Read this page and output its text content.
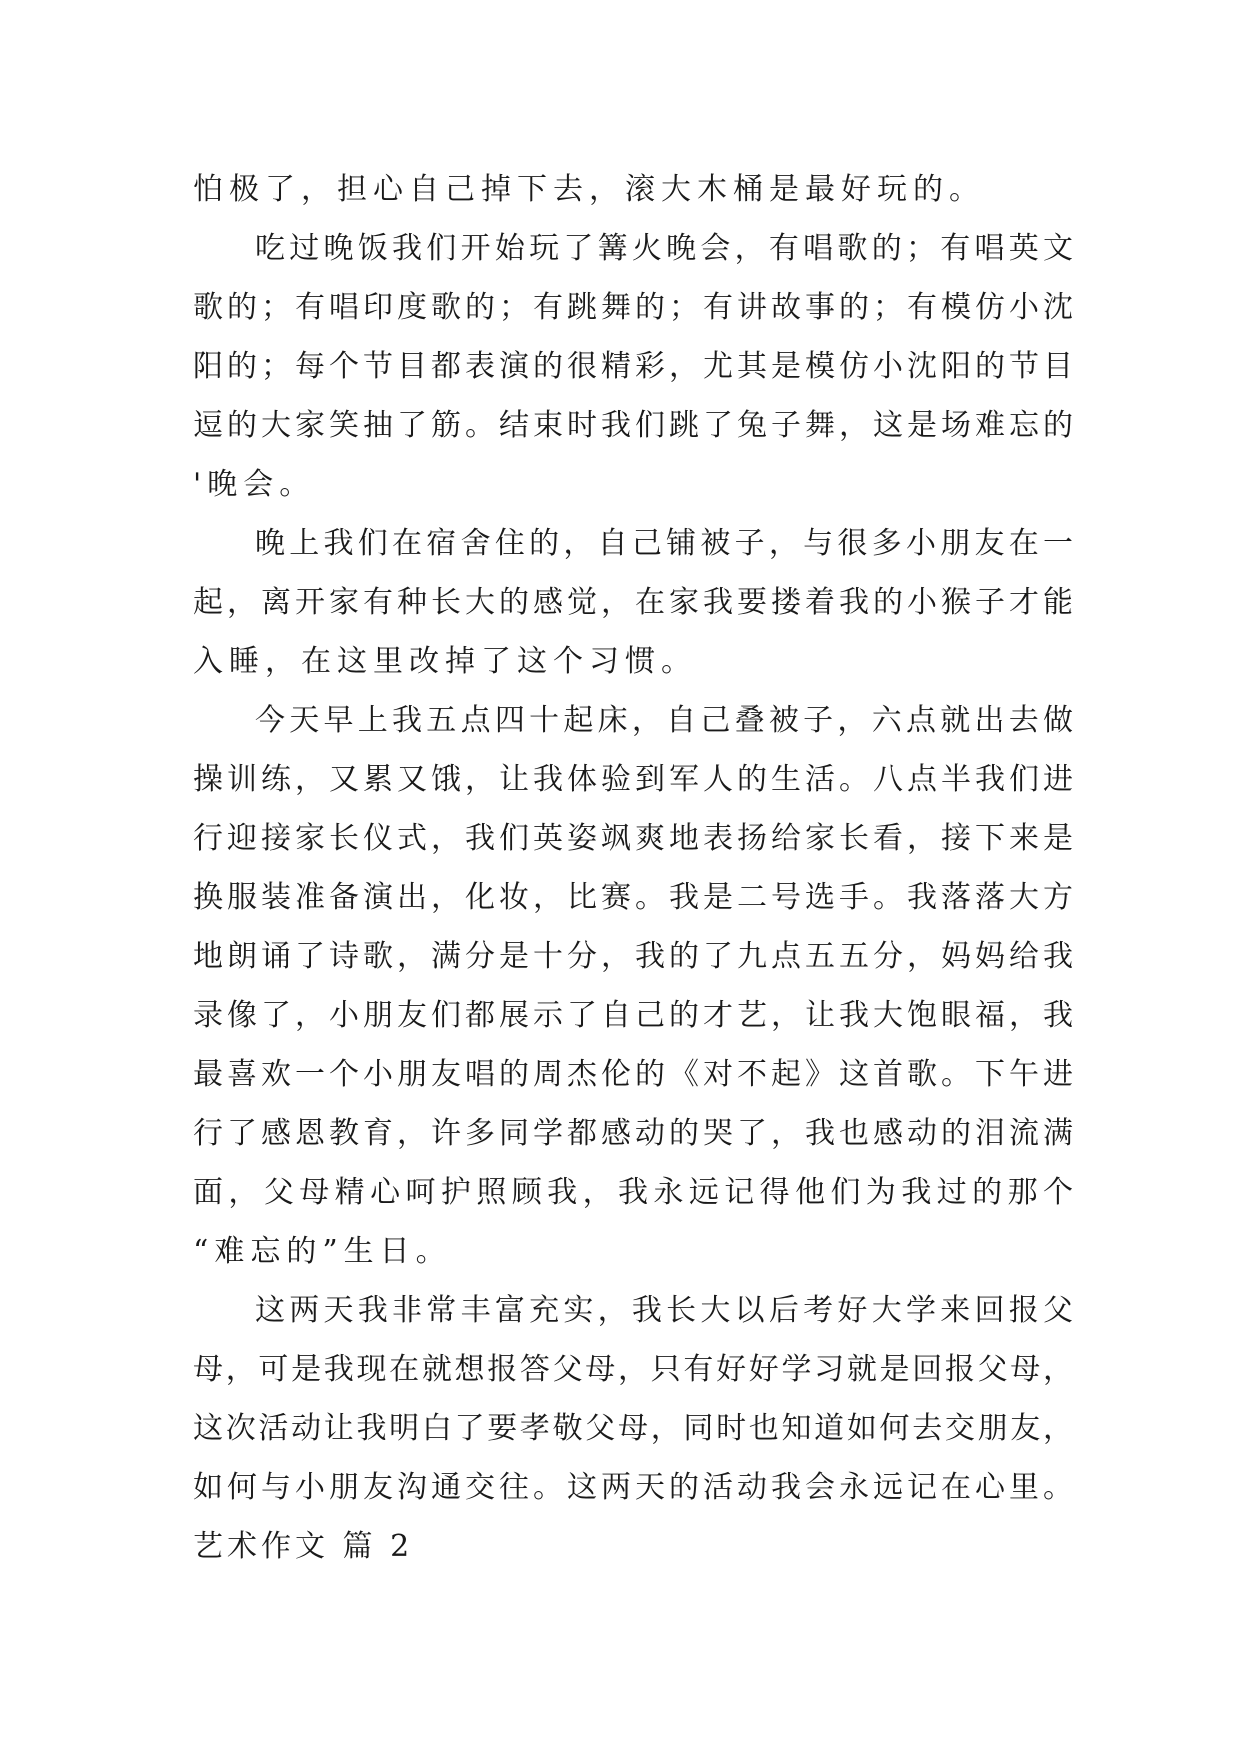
怕极了，担心自己掉下去，滚大木桶是最好玩的。
吃过晚饭我们开始玩了篝火晚会，有唱歌的；有唱英文
歌的；有唱印度歌的；有跳舞的；有讲故事的；有模仿小沈
阳的；每个节目都表演的很精彩，尤其是模仿小沈阳的节目
逗的大家笑抽了筋。结束时我们跳了兔子舞，这是场难忘的
'晚会。
晚上我们在宿舍住的，自己铺被子，与很多小朋友在一
起，离开家有种长大的感觉，在家我要搂着我的小猴子才能
入睡，在这里改掉了这个习惯。
今天早上我五点四十起床，自己叠被子，六点就出去做
操训练，又累又饿，让我体验到军人的生活。八点半我们进
行迎接家长仪式，我们英姿飒爽地表扬给家长看，接下来是
换服装准备演出，化妆，比赛。我是二号选手。我落落大方
地朗诵了诗歌，满分是十分，我的了九点五五分，妈妈给我
录像了，小朋友们都展示了自己的才艺，让我大饱眼福，我
最喜欢一个小朋友唱的周杰伦的《对不起》这首歌。下午进
行了感恩教育，许多同学都感动的哭了，我也感动的泪流满
面，父母精心呵护照顾我，我永远记得他们为我过的那个
“难忘的”生日。
这两天我非常丰富充实，我长大以后考好大学来回报父
母，可是我现在就想报答父母，只有好好学习就是回报父母，
这次活动让我明白了要孝敬父母，同时也知道如何去交朋友，
如何与小朋友沟通交往。这两天的活动我会永远记在心里。
艺术作文 篇 2
